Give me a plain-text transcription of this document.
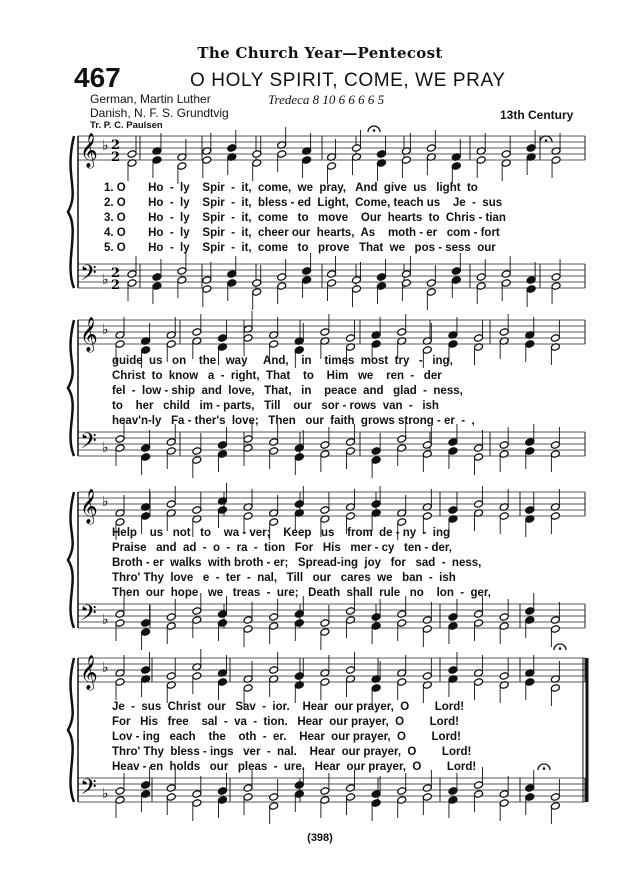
The Church Year—Pentecost
467	O HOLY SPIRIT, COME, WE PRAY
German, Martin Luther
Danish, N. F. S. Grundtvig
Tr. P. C. Paulsen
Tredeca 8 10 6 6 6 6 5
13th Century
𝄞
𝄢
♭
♭
2
2
2
2
𝄞
𝄢
♭
♭
𝄞
𝄢
♭
♭
𝄞
𝄢
♭
♭
1. O       Ho  -  ly    Spir  -  it,  come,  we  pray,   And  give  us   light  to
2. O       Ho  -  ly    Spir  -  it,  bless - ed  Light,  Come, teach us    Je  -  sus
3. O       Ho  -  ly    Spir  -  it,  come   to   move    Our  hearts  to  Chris - tian
4. O       Ho  -  ly    Spir  -  it,  cheer our  hearts,  As    moth - er   com - fort
5. O       Ho  -  ly    Spir  -  it,  come   to   prove   That  we   pos - sess  our
guide  us   on    the   way     And,    in    times  most  try   -   ing,
Christ  to  know   a  -  right,  That    to    Him   we    ren  -   der
fel  -  low - ship  and  love,   That,   in    peace  and   glad  -  ness,
to    her   child   im - parts,   Till    our   sor - rows  van  -   ish
heav'n-ly   Fa - ther's  love;   Then   our  faith  grows strong - er  -  ,
Help    us   not   to    wa - ver;    Keep   us    from  de - ny  -  ing
Praise   and  ad  -  o  -  ra  -  tion   For   His   mer - cy   ten - der,
Broth - er  walks  with broth - er;   Spread-ing  joy   for   sad  -  ness,
Thro' Thy  love   e  -  ter  -  nal,   Till   our   cares  we   ban  -  ish
Then  our  hope   we   treas  -  ure;   Death  shall  rule   no    lon  -  ger,
Je  -  sus  Christ  our   Sav  -  ior.    Hear  our prayer,  O        Lord!
For   His   free    sal  -  va  -  tion.   Hear  our prayer,  O        Lord!
Lov - ing   each    the    oth  -  er.    Hear  our prayer,  O        Lord!
Thro' Thy  bless - ings   ver  -  nal.    Hear  our prayer,  O        Lord!
Heav - en  holds   our   pleas  -  ure.   Hear  our prayer,  O        Lord!
(398)
